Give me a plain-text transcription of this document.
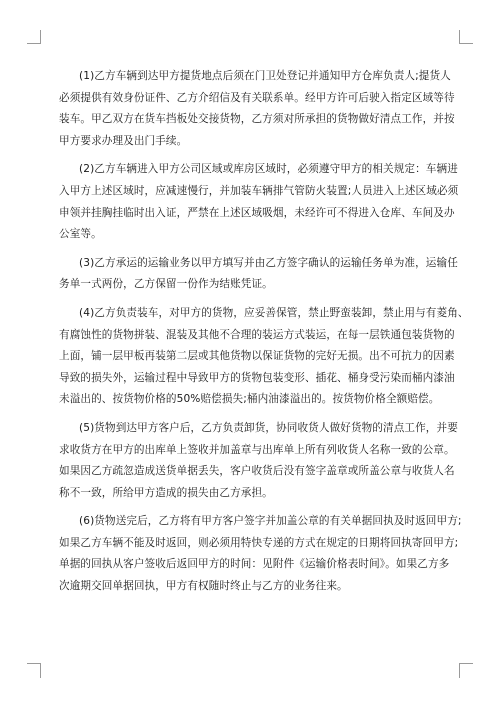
(1)乙方车辆到达甲方提货地点后须在门卫处登记并通知甲方仓库负责人;提货人
必须提供有效身份证件、乙方介绍信及有关联系单。经甲方许可后驶入指定区域等待
装车。甲乙双方在货车挡板处交接货物，乙方须对所承担的货物做好清点工作，并按
甲方要求办理及出门手续。

(2)乙方车辆进入甲方公司区域或库房区域时，必须遵守甲方的相关规定：车辆进
入甲方上述区域时，应减速慢行，并加装车辆排气管防火装置;人员进入上述区域必须
申领并挂胸挂临时出入证，严禁在上述区域吸烟，未经许可不得进入仓库、车间及办
公室等。

(3)乙方承运的运输业务以甲方填写并由乙方签字确认的运输任务单为准，运输任
务单一式两份，乙方保留一份作为结账凭证。

(4)乙方负责装车，对甲方的货物，应妥善保管，禁止野蛮装卸，禁止用与有菱角、
有腐蚀性的货物拼装、混装及其他不合理的装运方式装运，在每一层铁通包装货物的
上面，铺一层甲板再装第二层或其他货物以保证货物的完好无损。出不可抗力的因素
导致的损失外，运输过程中导致甲方的货物包装变形、插花、桶身受污染而桶内漆油
未溢出的、按货物价格的50%赔偿损失;桶内油漆溢出的。按货物价格全额赔偿。

(5)货物到达甲方客户后，乙方负责卸货，协同收货人做好货物的清点工作，并要
求收货方在甲方的出库单上签收并加盖章与出库单上所有列收货人名称一致的公章。
如果因乙方疏忽造成送货单据丢失，客户收货后没有签字盖章或所盖公章与收货人名
称不一致，所给甲方造成的损失由乙方承担。

(6)货物送完后，乙方将有甲方客户签字并加盖公章的有关单据回执及时返回甲方;
如果乙方车辆不能及时返回，则必须用特快专递的方式在规定的日期将回执寄回甲方;
单据的回执从客户签收后返回甲方的时间：见附件《运输价格表时间》。如果乙方多
次逾期交回单据回执，甲方有权随时终止与乙方的业务往来。
